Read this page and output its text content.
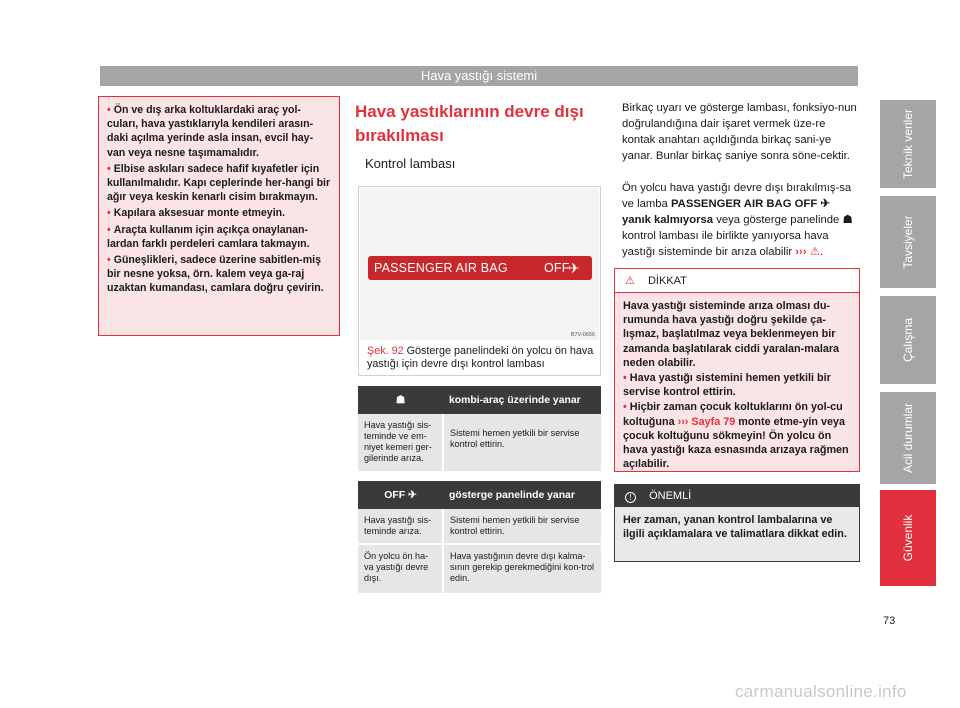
Hava yastığı sistemi
• Ön ve dış arka koltuklardaki araç yol-cuları, hava yastıklarıyla kendileri arasın-daki açılma yerinde asla insan, evcil hay-van veya nesne taşımamalıdır.
• Elbise askıları sadece hafif kıyafetler için kullanılmalıdır. Kapı ceplerinde her-hangi bir ağır veya keskin kenarlı cisim bırakmayın.
• Kapılara aksesuar monte etmeyin.
• Araçta kullanım için açıkça onaylanan-lardan farklı perdeleri camlara takmayın.
• Güneşlikleri, sadece üzerine sabitlen-miş bir nesne yoksa, örn. kalem veya ga-raj uzaktan kumandası, camlara doğru çevirin.
Hava yastıklarının devre dışı bırakılması
Kontrol lambası
PASSENGER AIR BAG	OFF
✈
B7V-0656
Şek. 92 Gösterge panelindeki ön yolcu ön hava yastığı için devre dışı kontrol lambası
☗	kombi-araç üzerinde yanar
Hava yastığı sis-teminde ve em-niyet kemeri ger-gilerinde arıza.	Sistemi hemen yetkili bir servise kontrol ettirin.
OFF ✈	gösterge panelinde yanar
Hava yastığı sis-teminde arıza.	Sistemi hemen yetkili bir servise kontrol ettirin.
Ön yolcu ön ha-va yastığı devre dışı.	Hava yastığının devre dışı kalma-sının gerekip gerekmediğini kon-trol edin.
Birkaç uyarı ve gösterge lambası, fonksiyo-nun doğrulandığına dair işaret vermek üze-re kontak anahtarı açıldığında birkaç sani-ye yanar. Bunlar birkaç saniye sonra söne-cektir.
Ön yolcu hava yastığı devre dışı bırakılmış-sa ve lamba PASSENGER AIR BAG OFF ✈ yanık kalmıyorsa veya gösterge panelinde ☗ kontrol lambası ile birlikte yanıyorsa hava yastığı sisteminde bir arıza olabilir ››› ⚠.
⚠ DİKKAT

Hava yastığı sisteminde arıza olması du-rumunda hava yastığı doğru şekilde ça-lışmaz, başlatılmaz veya beklenmeyen bir zamanda başlatılarak ciddi yaralan-malara neden olabilir.

• Hava yastığı sistemini hemen yetkili bir servise kontrol ettirin.

• Hiçbir zaman çocuk koltuklarını ön yol-cu koltuğuna ››› Sayfa 79 monte etme-yin veya çocuk koltuğunu sökmeyin! Ön yolcu ön hava yastığı kaza esnasında arızaya rağmen açılabilir.

! ÖNEMLİ
Her zaman, yanan kontrol lambalarına ve ilgili açıklamalara ve talimatlara dikkat edin.
Teknik veriler
Tavsiyeler
Çalışma
Acil durumlar
Güvenlik
73
carmanualsonline.info
